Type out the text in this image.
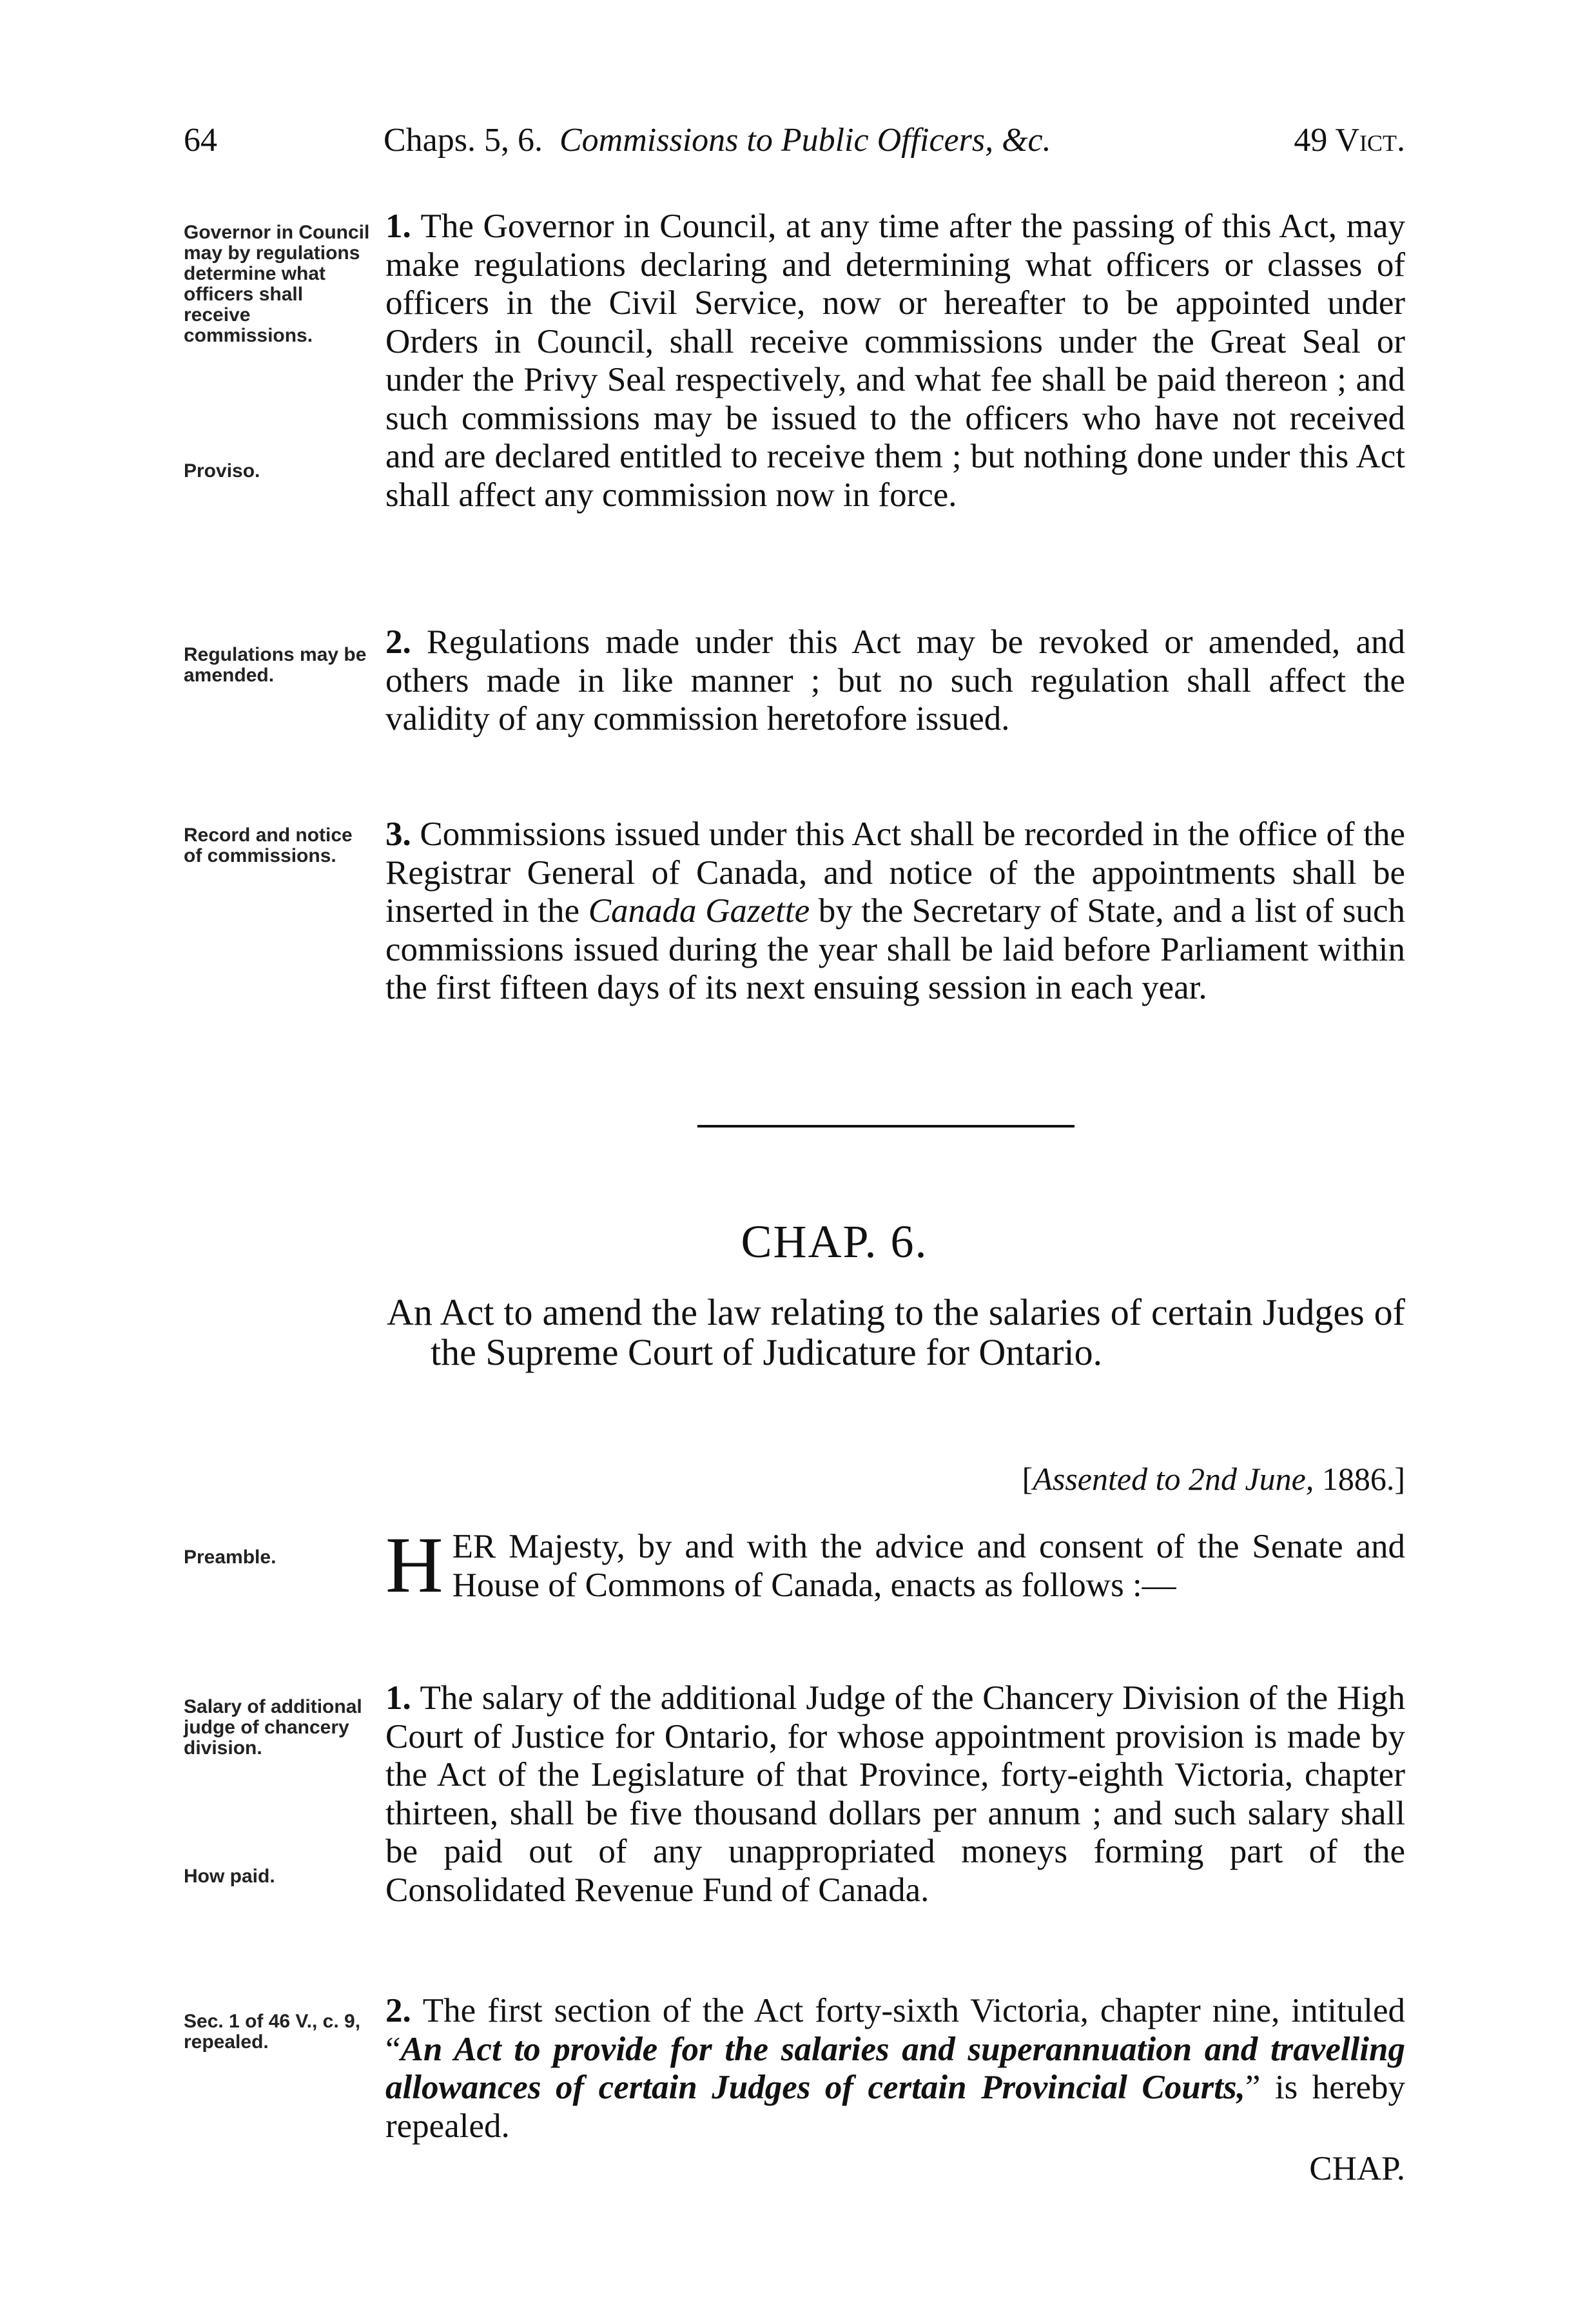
64	Chaps. 5, 6. Commissions to Public Officers, &c.	49 Vict.
Governor in Council may by regulations determine what officers shall receive commissions.
Proviso.
1. The Governor in Council, at any time after the passing of this Act, may make regulations declaring and determining what officers or classes of officers in the Civil Service, now or hereafter to be appointed under Orders in Council, shall receive commissions under the Great Seal or under the Privy Seal respectively, and what fee shall be paid thereon ; and such commissions may be issued to the officers who have not received and are declared entitled to receive them ; but nothing done under this Act shall affect any commission now in force.
Regulations may be amended.
2. Regulations made under this Act may be revoked or amended, and others made in like manner ; but no such regulation shall affect the validity of any commission heretofore issued.
Record and notice of commissions.
3. Commissions issued under this Act shall be recorded in the office of the Registrar General of Canada, and notice of the appointments shall be inserted in the Canada Gazette by the Secretary of State, and a list of such commissions issued during the year shall be laid before Parliament within the first fifteen days of its next ensuing session in each year.
CHAP. 6.
An Act to amend the law relating to the salaries of certain Judges of the Supreme Court of Judicature for Ontario.
[Assented to 2nd June, 1886.]
Preamble.	HER Majesty, by and with the advice and consent of the Senate and House of Commons of Canada, enacts as follows :—
Salary of additional judge of chancery division.
How paid.
1. The salary of the additional Judge of the Chancery Division of the High Court of Justice for Ontario, for whose appointment provision is made by the Act of the Legislature of that Province, forty-eighth Victoria, chapter thirteen, shall be five thousand dollars per annum ; and such salary shall be paid out of any unappropriated moneys forming part of the Consolidated Revenue Fund of Canada.
Sec. 1 of 46 V., c. 9, repealed.
2. The first section of the Act forty-sixth Victoria, chapter nine, intituled “An Act to provide for the salaries and superannuation and travelling allowances of certain Judges of certain Provincial Courts,” is hereby repealed.
CHAP.
